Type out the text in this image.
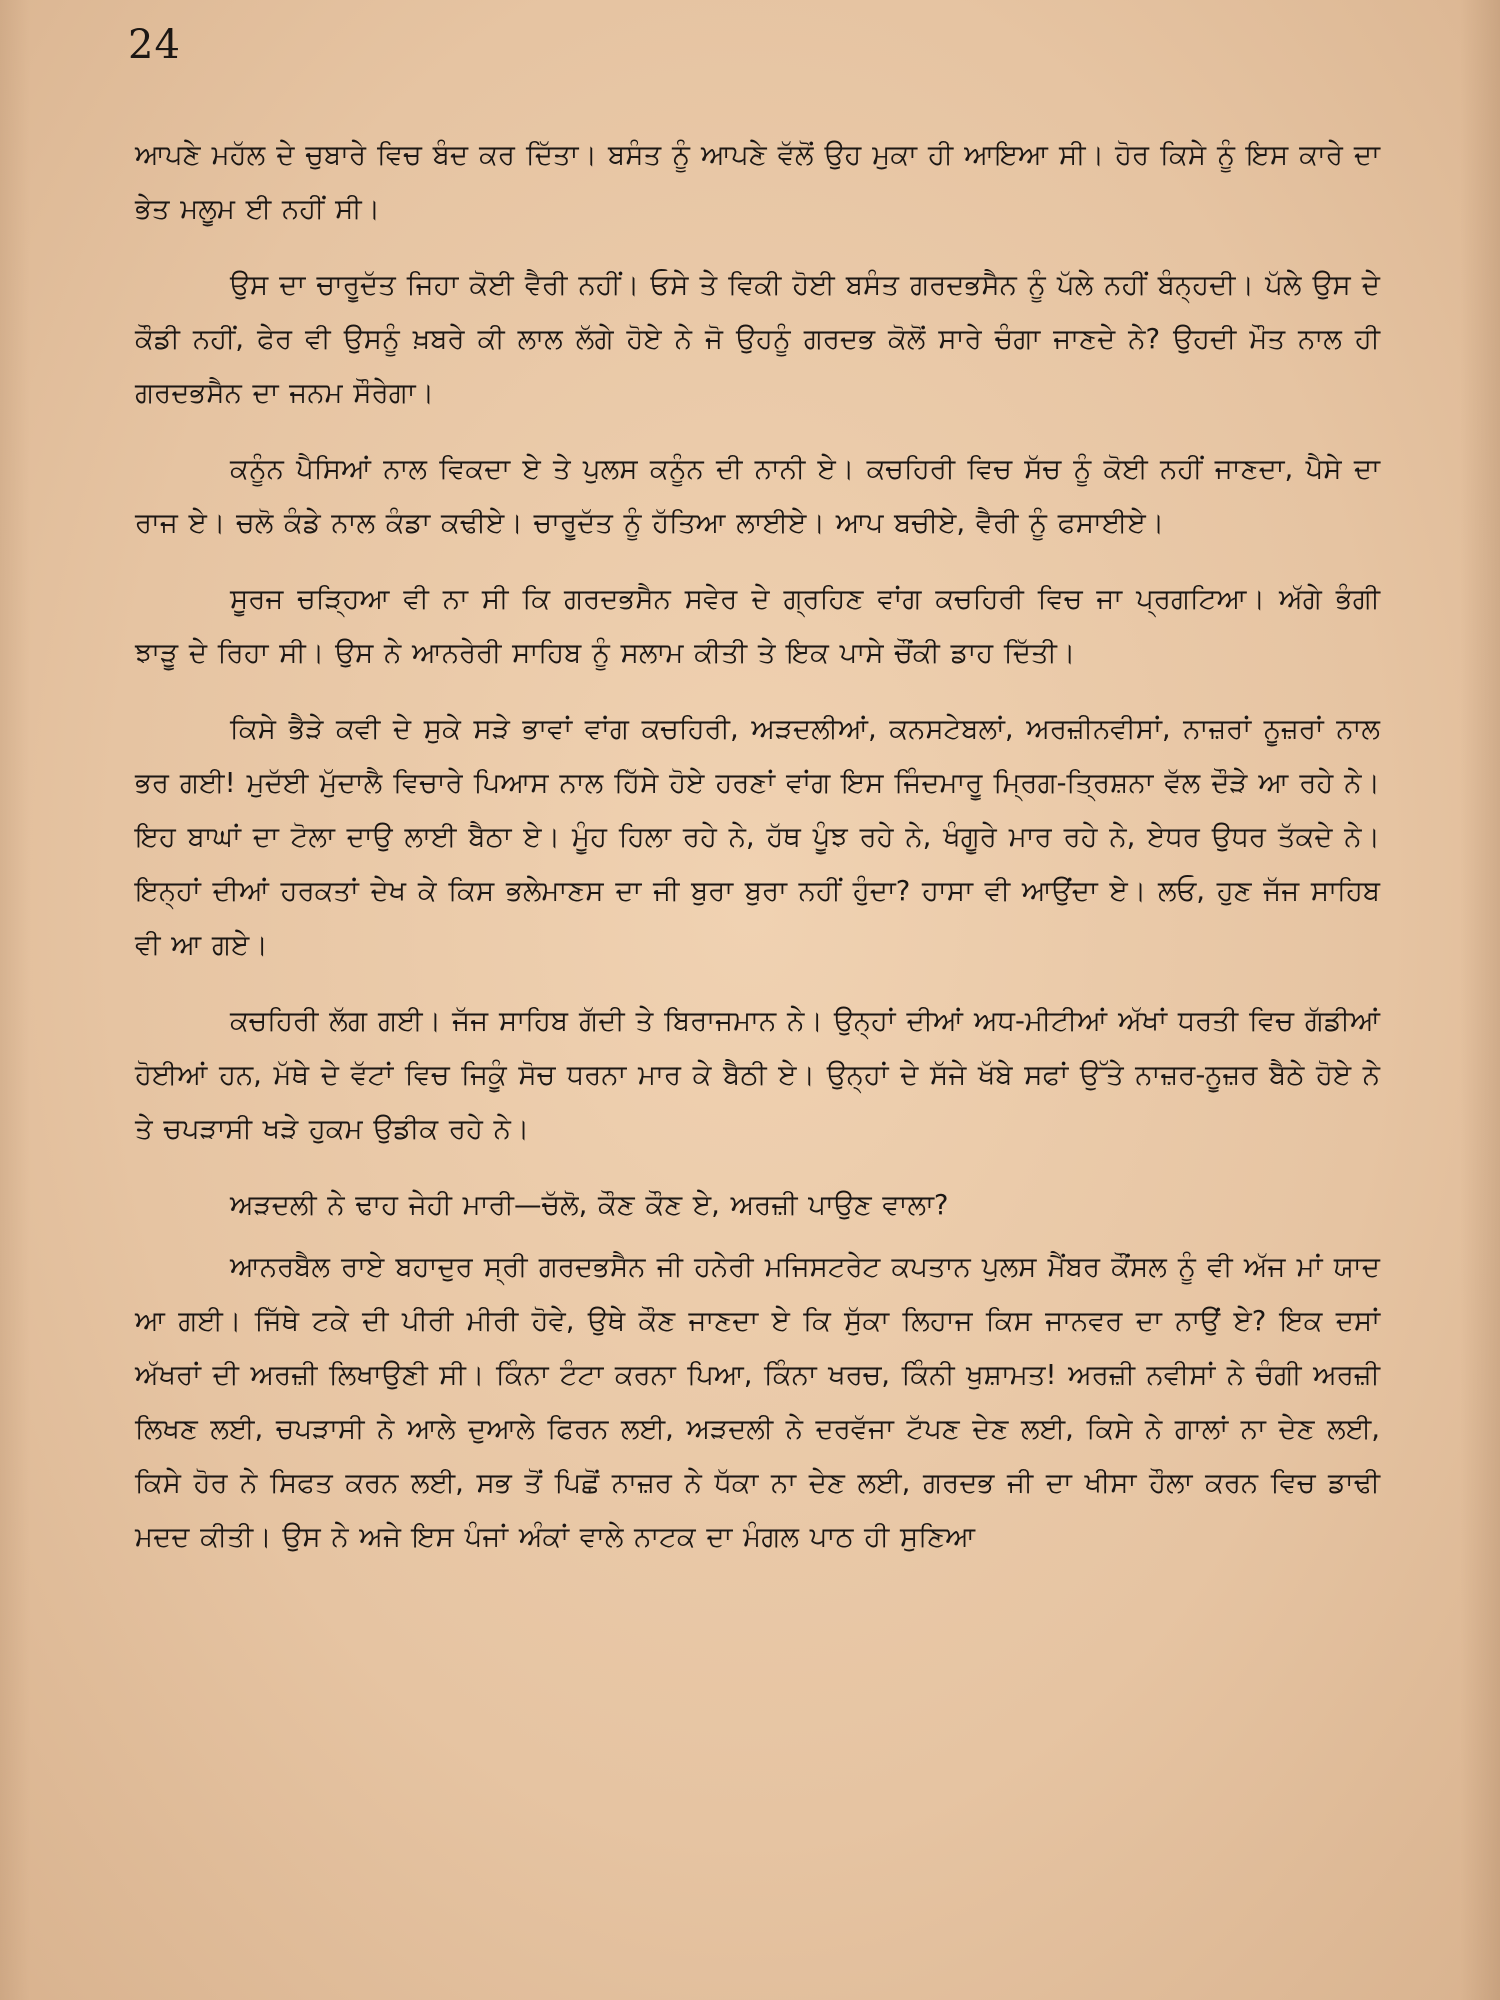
24

ਆਪਣੇ ਮਹੱਲ ਦੇ ਚੁਬਾਰੇ ਵਿਚ ਬੰਦ ਕਰ ਦਿੱਤਾ। ਬਸੰਤ ਨੂੰ ਆਪਣੇ ਵੱਲੋਂ ਉਹ ਮੁਕਾ ਹੀ ਆਇਆ ਸੀ। ਹੋਰ ਕਿਸੇ ਨੂੰ ਇਸ ਕਾਰੇ ਦਾ ਭੇਤ ਮਲੂਮ ਈ ਨਹੀਂ ਸੀ।

ਉਸ ਦਾ ਚਾਰੂਦੱਤ ਜਿਹਾ ਕੋਈ ਵੈਰੀ ਨਹੀਂ। ਓਸੇ ਤੇ ਵਿਕੀ ਹੋਈ ਬਸੰਤ ਗਰਦਭਸੈਨ ਨੂੰ ਪੱਲੇ ਨਹੀਂ ਬੰਨ੍ਹਦੀ। ਪੱਲੇ ਉਸ ਦੇ ਕੌਡੀ ਨਹੀਂ, ਫੇਰ ਵੀ ਉਸਨੂੰ ਖ਼ਬਰੇ ਕੀ ਲਾਲ ਲੱਗੇ ਹੋਏ ਨੇ ਜੋ ਉਹਨੂੰ ਗਰਦਭ ਕੋਲੋਂ ਸਾਰੇ ਚੰਗਾ ਜਾਣਦੇ ਨੇ? ਉਹਦੀ ਮੌਤ ਨਾਲ ਹੀ ਗਰਦਭਸੈਨ ਦਾ ਜਨਮ ਸੌਰੇਗਾ।

ਕਨੂੰਨ ਪੈਸਿਆਂ ਨਾਲ ਵਿਕਦਾ ਏ ਤੇ ਪੁਲਸ ਕਨੂੰਨ ਦੀ ਨਾਨੀ ਏ। ਕਚਹਿਰੀ ਵਿਚ ਸੱਚ ਨੂੰ ਕੋਈ ਨਹੀਂ ਜਾਣਦਾ, ਪੈਸੇ ਦਾ ਰਾਜ ਏ। ਚਲੋ ਕੰਡੇ ਨਾਲ ਕੰਡਾ ਕਢੀਏ। ਚਾਰੂਦੱਤ ਨੂੰ ਹੱਤਿਆ ਲਾਈਏ। ਆਪ ਬਚੀਏ, ਵੈਰੀ ਨੂੰ ਫਸਾਈਏ।

ਸੂਰਜ ਚੜ੍ਹਿਆ ਵੀ ਨਾ ਸੀ ਕਿ ਗਰਦਭਸੈਨ ਸਵੇਰ ਦੇ ਗ੍ਰਹਿਣ ਵਾਂਗ ਕਚਹਿਰੀ ਵਿਚ ਜਾ ਪ੍ਰਗਟਿਆ। ਅੱਗੇ ਭੰਗੀ ਝਾੜੂ ਦੇ ਰਿਹਾ ਸੀ। ਉਸ ਨੇ ਆਨਰੇਰੀ ਸਾਹਿਬ ਨੂੰ ਸਲਾਮ ਕੀਤੀ ਤੇ ਇਕ ਪਾਸੇ ਚੌਂਕੀ ਡਾਹ ਦਿੱਤੀ।

ਕਿਸੇ ਭੈੜੇ ਕਵੀ ਦੇ ਸੁਕੇ ਸੜੇ ਭਾਵਾਂ ਵਾਂਗ ਕਚਹਿਰੀ, ਅੜਦਲੀਆਂ, ਕਨਸਟੇਬਲਾਂ, ਅਰਜ਼ੀਨਵੀਸਾਂ, ਨਾਜ਼ਰਾਂ ਨੂਜ਼ਰਾਂ ਨਾਲ ਭਰ ਗਈ! ਮੁਦੱਈ ਮੁੱਦਾਲੈ ਵਿਚਾਰੇ ਪਿਆਸ ਨਾਲ ਹਿੱਸੇ ਹੋਏ ਹਰਣਾਂ ਵਾਂਗ ਇਸ ਜਿੰਦਮਾਰੂ ਮ੍ਰਿਗ-ਤ੍ਰਿਸ਼ਨਾ ਵੱਲ ਦੌੜੇ ਆ ਰਹੇ ਨੇ। ਇਹ ਬਾਘਾਂ ਦਾ ਟੋਲਾ ਦਾਉ ਲਾਈ ਬੈਠਾ ਏ। ਮੂੰਹ ਹਿਲਾ ਰਹੇ ਨੇ, ਹੱਥ ਪੂੰਝ ਰਹੇ ਨੇ, ਖੰਗੂਰੇ ਮਾਰ ਰਹੇ ਨੇ, ਏਧਰ ਉਧਰ ਤੱਕਦੇ ਨੇ। ਇਨ੍ਹਾਂ ਦੀਆਂ ਹਰਕਤਾਂ ਦੇਖ ਕੇ ਕਿਸ ਭਲੇਮਾਣਸ ਦਾ ਜੀ ਬੁਰਾ ਬੁਰਾ ਨਹੀਂ ਹੁੰਦਾ? ਹਾਸਾ ਵੀ ਆਉਂਦਾ ਏ। ਲਓ, ਹੁਣ ਜੱਜ ਸਾਹਿਬ ਵੀ ਆ ਗਏ।

ਕਚਹਿਰੀ ਲੱਗ ਗਈ। ਜੱਜ ਸਾਹਿਬ ਗੱਦੀ ਤੇ ਬਿਰਾਜਮਾਨ ਨੇ। ਉਨ੍ਹਾਂ ਦੀਆਂ ਅਧ-ਮੀਟੀਆਂ ਅੱਖਾਂ ਧਰਤੀ ਵਿਚ ਗੱਡੀਆਂ ਹੋਈਆਂ ਹਨ, ਮੱਥੇ ਦੇ ਵੱਟਾਂ ਵਿਚ ਜਿਕੂੰ ਸੋਚ ਧਰਨਾ ਮਾਰ ਕੇ ਬੈਠੀ ਏ। ਉਨ੍ਹਾਂ ਦੇ ਸੱਜੇ ਖੱਬੇ ਸਫਾਂ ਉੱਤੇ ਨਾਜ਼ਰ-ਨੂਜ਼ਰ ਬੈਠੇ ਹੋਏ ਨੇ ਤੇ ਚਪੜਾਸੀ ਖੜੇ ਹੁਕਮ ਉਡੀਕ ਰਹੇ ਨੇ।

ਅੜਦਲੀ ਨੇ ਢਾਹ ਜੇਹੀ ਮਾਰੀ—ਚੱਲੋ, ਕੌਣ ਕੌਣ ਏ, ਅਰਜ਼ੀ ਪਾਉਣ ਵਾਲਾ?

ਆਨਰਬੈਲ ਰਾਏ ਬਹਾਦੁਰ ਸ੍ਰੀ ਗਰਦਭਸੈਨ ਜੀ ਹਨੇਰੀ ਮਜਿਸਟਰੇਟ ਕਪਤਾਨ ਪੁਲਸ ਮੈਂਬਰ ਕੌਂਸਲ ਨੂੰ ਵੀ ਅੱਜ ਮਾਂ ਯਾਦ ਆ ਗਈ। ਜਿੱਥੇ ਟਕੇ ਦੀ ਪੀਰੀ ਮੀਰੀ ਹੋਵੇ, ਉਥੇ ਕੌਣ ਜਾਣਦਾ ਏ ਕਿ ਸੁੱਕਾ ਲਿਹਾਜ ਕਿਸ ਜਾਨਵਰ ਦਾ ਨਾਉਂ ਏ? ਇਕ ਦਸਾਂ ਅੱਖਰਾਂ ਦੀ ਅਰਜ਼ੀ ਲਿਖਾਉਣੀ ਸੀ। ਕਿੰਨਾ ਟੰਟਾ ਕਰਨਾ ਪਿਆ, ਕਿੰਨਾ ਖਰਚ, ਕਿੰਨੀ ਖੁਸ਼ਾਮਤ! ਅਰਜ਼ੀ ਨਵੀਸਾਂ ਨੇ ਚੰਗੀ ਅਰਜ਼ੀ ਲਿਖਣ ਲਈ, ਚਪੜਾਸੀ ਨੇ ਆਲੇ ਦੁਆਲੇ ਫਿਰਨ ਲਈ, ਅੜਦਲੀ ਨੇ ਦਰਵੱਜਾ ਟੱਪਣ ਦੇਣ ਲਈ, ਕਿਸੇ ਨੇ ਗਾਲਾਂ ਨਾ ਦੇਣ ਲਈ, ਕਿਸੇ ਹੋਰ ਨੇ ਸਿਫਤ ਕਰਨ ਲਈ, ਸਭ ਤੋਂ ਪਿਛੋਂ ਨਾਜ਼ਰ ਨੇ ਧੱਕਾ ਨਾ ਦੇਣ ਲਈ, ਗਰਦਭ ਜੀ ਦਾ ਖੀਸਾ ਹੌਲਾ ਕਰਨ ਵਿਚ ਡਾਢੀ ਮਦਦ ਕੀਤੀ। ਉਸ ਨੇ ਅਜੇ ਇਸ ਪੰਜਾਂ ਅੰਕਾਂ ਵਾਲੇ ਨਾਟਕ ਦਾ ਮੰਗਲ ਪਾਠ ਹੀ ਸੁਣਿਆ
